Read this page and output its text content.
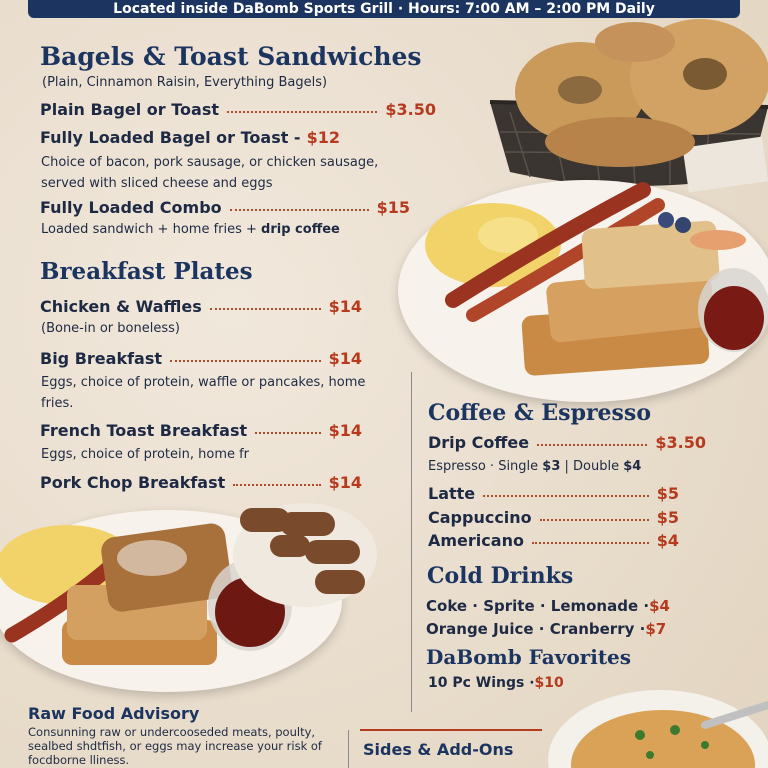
Located inside DaBomb Sports Grill · Hours: 7:00 AM – 2:00 PM Daily
Bagels & Toast Sandwiches
(Plain, Cinnamon Raisin, Everything Bagels)
Plain Bagel or Toast	$3.50
Fully Loaded Bagel or Toast - $12
Choice of bacon, pork sausage, or chicken sausage, served with sliced cheese and eggs
Fully Loaded Combo	$15
Loaded sandwich + home fries + drip coffee
Breakfast Plates
Chicken & Waffles	$14
(Bone-in or boneless)
Big Breakfast	$14
Eggs, choice of protein, waffle or pancakes, home fries.
French Toast Breakfast	$14
Eggs, choice of protein, home fr
Pork Chop Breakfast	$14
Coffee & Espresso
Drip Coffee	$3.50
Espresso · Single $3 | Double $4
Latte	$5
Cappuccino	$5
Americano	$4
Cold Drinks
Coke · Sprite · Lemonade · $4
Orange Juice · Cranberry · $7
DaBomb Favorites
10 Pc Wings · $10
Raw Food Advisory
Consunning raw or undercooseded meats, poulty, sealbed shdtfish, or eggs may increase your risk of focdborne lliness.
Sides & Add-Ons
